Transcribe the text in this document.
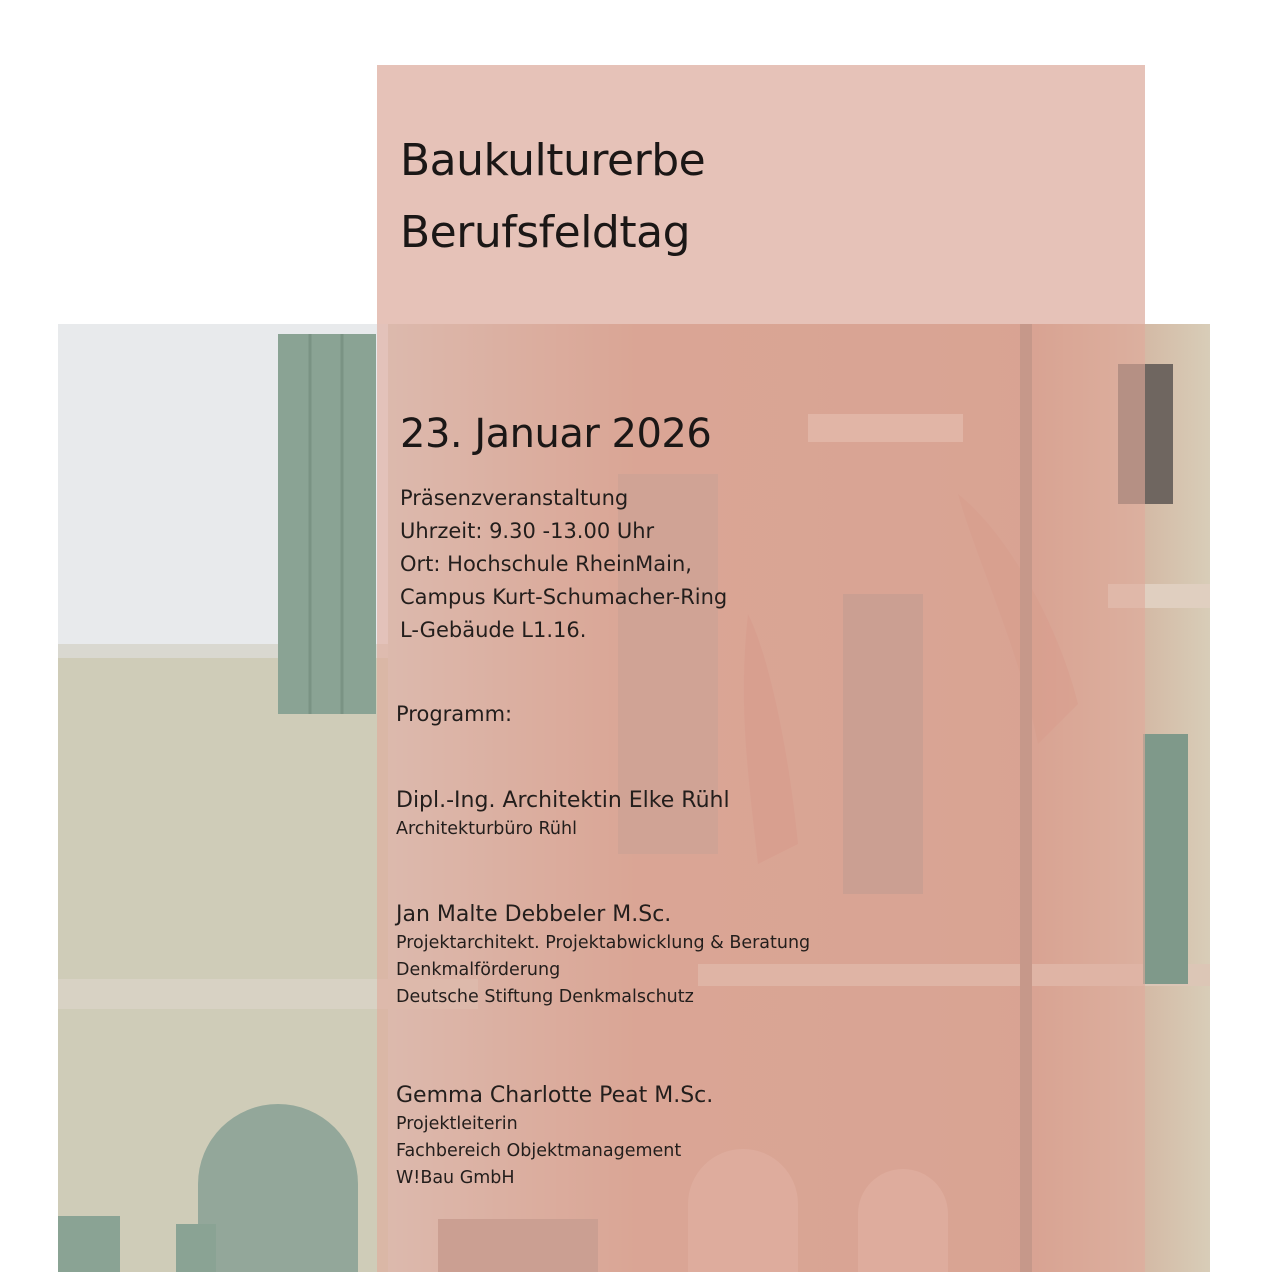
Baukulturerbe
Berufsfeldtag
23. Januar 2026
Präsenzveranstaltung
Uhrzeit: 9.30 -13.00 Uhr
Ort: Hochschule RheinMain,
Campus Kurt-Schumacher-Ring
L-Gebäude L1.16.
Programm:
Dipl.-Ing. Architektin Elke Rühl
Architekturbüro Rühl
Jan Malte Debbeler M.Sc.
Projektarchitekt. Projektabwicklung & Beratung
Denkmalförderung
Deutsche Stiftung Denkmalschutz
Gemma Charlotte Peat M.Sc.
Projektleiterin
Fachbereich Objektmanagement
W!Bau GmbH
